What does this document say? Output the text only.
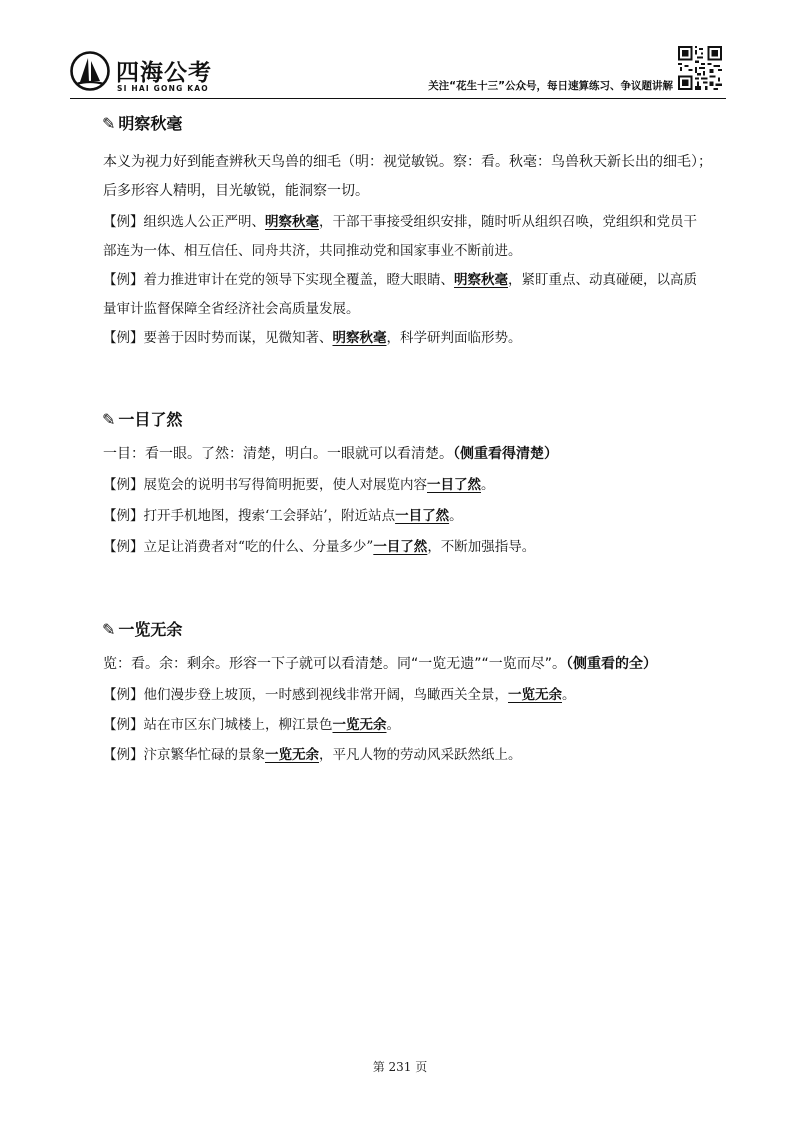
四海公考
SI HAI GONG KAO	关注“花生十三”公众号，每日速算练习、争议题讲解
✎ 明察秋毫
本义为视力好到能查辨秋天鸟兽的细毛（明：视觉敏锐。察：看。秋毫：鸟兽秋天新长出的细毛）；
后多形容人精明，目光敏锐，能洞察一切。
【例】组织选人公正严明、明察秋毫，干部干事接受组织安排，随时听从组织召唤，党组织和党员干
部连为一体、相互信任、同舟共济，共同推动党和国家事业不断前进。
【例】着力推进审计在党的领导下实现全覆盖，瞪大眼睛、明察秋毫，紧盯重点、动真碰硬，以高质
量审计监督保障全省经济社会高质量发展。
【例】要善于因时势而谋，见微知著、明察秋毫，科学研判面临形势。
✎ 一目了然
一目：看一眼。了然：清楚，明白。一眼就可以看清楚。（侧重看得清楚）
【例】展览会的说明书写得简明扼要，使人对展览内容一目了然。
【例】打开手机地图，搜索‘工会驿站’，附近站点一目了然。
【例】立足让消费者对“吃的什么、分量多少”一目了然，不断加强指导。
✎ 一览无余
览：看。余：剩余。形容一下子就可以看清楚。同“一览无遗”“一览而尽”。（侧重看的全）
【例】他们漫步登上坡顶，一时感到视线非常开阔，鸟瞰西关全景，一览无余。
【例】站在市区东门城楼上，柳江景色一览无余。
【例】汴京繁华忙碌的景象一览无余，平凡人物的劳动风采跃然纸上。
第 231 页
